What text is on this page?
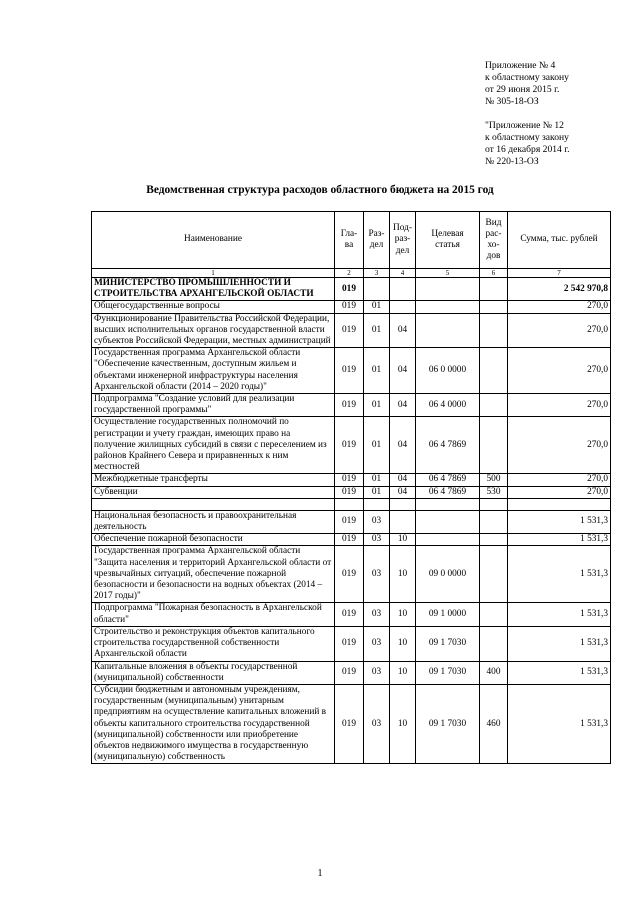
Приложение № 4
к областному закону
от 29 июня 2015 г.
№ 305-18-ОЗ
"Приложение № 12
к областному закону
от 16 декабря 2014 г.
№ 220-13-ОЗ
Ведомственная структура расходов областного бюджета на 2015 год
Наименование	Гла-ва	Раз-дел	Под-раз-дел	Целевая статья	Вид рас-хо-дов	Сумма, тыс. рублей
1	2	3	4	5	6	7
МИНИСТЕРСТВО ПРОМЫШЛЕННОСТИ И СТРОИТЕЛЬСТВА АРХАНГЕЛЬСКОЙ ОБЛАСТИ	019					2 542 970,8
Общегосударственные вопросы	019	01				270,0
Функционирование Правительства Российской Федерации, высших исполнительных органов государственной власти субъектов Российской Федерации, местных администраций	019	01	04			270,0
Государственная программа Архангельской области "Обеспечение качественным, доступным жильем и объектами инженерной инфраструктуры населения Архангельской области (2014 – 2020 годы)"	019	01	04	06 0 0000		270,0
Подпрограмма "Создание условий для реализации государственной программы"	019	01	04	06 4 0000		270,0
Осуществление государственных полномочий по регистрации и учету граждан, имеющих право на получение жилищных субсидий в связи с переселением из районов Крайнего Севера и приравненных к ним местностей	019	01	04	06 4 7869		270,0
Межбюджетные трансферты	019	01	04	06 4 7869	500	270,0
Субвенции	019	01	04	06 4 7869	530	270,0

Национальная безопасность и правоохранительная деятельность	019	03				1 531,3
Обеспечение пожарной безопасности	019	03	10			1 531,3
Государственная программа Архангельской области "Защита населения и территорий Архангельской области от чрезвычайных ситуаций, обеспечение пожарной безопасности и безопасности на водных объектах (2014 – 2017 годы)"	019	03	10	09 0 0000		1 531,3
Подпрограмма "Пожарная безопасность в Архангельской области"	019	03	10	09 1 0000		1 531,3
Строительство и реконструкция объектов капитального строительства государственной собственности Архангельской области	019	03	10	09 1 7030		1 531,3
Капитальные вложения в объекты государственной (муниципальной) собственности	019	03	10	09 1 7030	400	1 531,3
Субсидии бюджетным и автономным учреждениям, государственным (муниципальным) унитарным предприятиям на осуществление капитальных вложений в объекты капитального строительства государственной (муниципальной) собственности или приобретение объектов недвижимого имущества в государственную (муниципальную) собственность	019	03	10	09 1 7030	460	1 531,3
1
